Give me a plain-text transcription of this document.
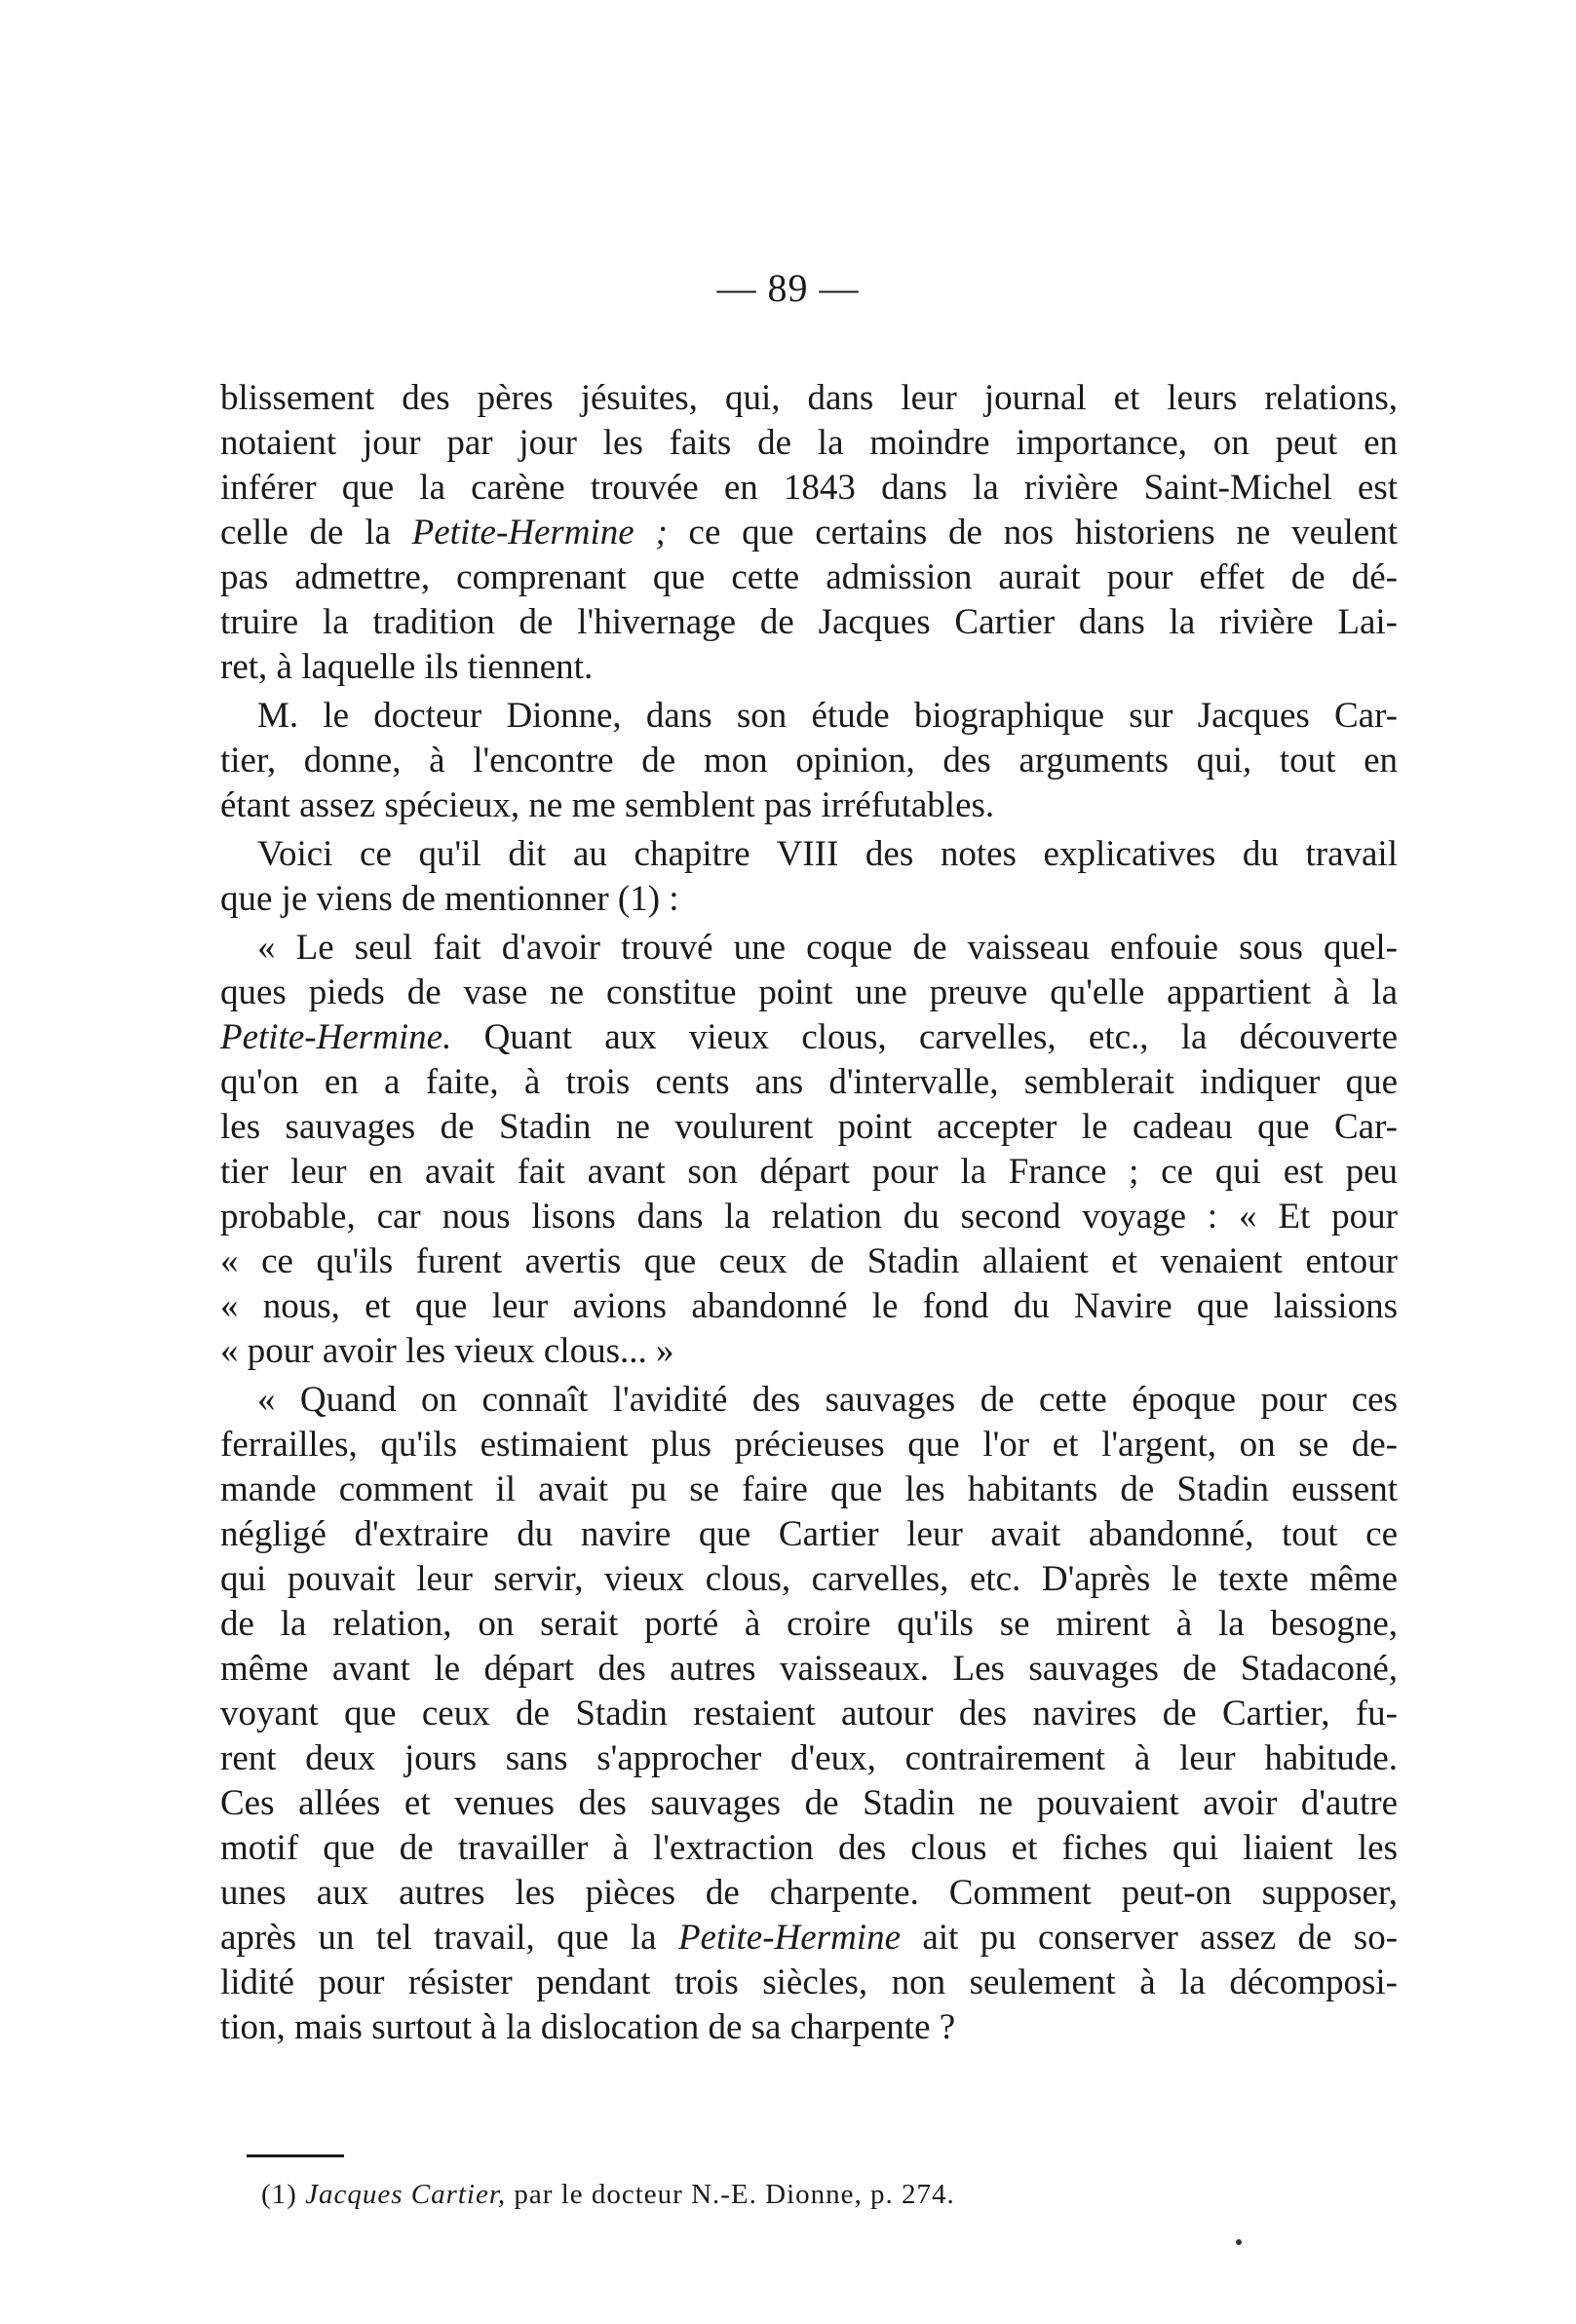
— 89 —
blissement des pères jésuites, qui, dans leur journal et leurs relations,
notaient jour par jour les faits de la moindre importance, on peut en
inférer que la carène trouvée en 1843 dans la rivière Saint-Michel est
celle de la Petite-Hermine ; ce que certains de nos historiens ne veulent
pas admettre, comprenant que cette admission aurait pour effet de dé-
truire la tradition de l'hivernage de Jacques Cartier dans la rivière Lai-
ret, à laquelle ils tiennent.
M. le docteur Dionne, dans son étude biographique sur Jacques Car-
tier, donne, à l'encontre de mon opinion, des arguments qui, tout en
étant assez spécieux, ne me semblent pas irréfutables.
Voici ce qu'il dit au chapitre VIII des notes explicatives du travail
que je viens de mentionner (1) :
« Le seul fait d'avoir trouvé une coque de vaisseau enfouie sous quel-
ques pieds de vase ne constitue point une preuve qu'elle appartient à la
Petite-Hermine. Quant aux vieux clous, carvelles, etc., la découverte
qu'on en a faite, à trois cents ans d'intervalle, semblerait indiquer que
les sauvages de Stadin ne voulurent point accepter le cadeau que Car-
tier leur en avait fait avant son départ pour la France ; ce qui est peu
probable, car nous lisons dans la relation du second voyage : « Et pour
« ce qu'ils furent avertis que ceux de Stadin allaient et venaient entour
« nous, et que leur avions abandonné le fond du Navire que laissions
« pour avoir les vieux clous... »
« Quand on connaît l'avidité des sauvages de cette époque pour ces
ferrailles, qu'ils estimaient plus précieuses que l'or et l'argent, on se de-
mande comment il avait pu se faire que les habitants de Stadin eussent
négligé d'extraire du navire que Cartier leur avait abandonné, tout ce
qui pouvait leur servir, vieux clous, carvelles, etc. D'après le texte même
de la relation, on serait porté à croire qu'ils se mirent à la besogne,
même avant le départ des autres vaisseaux. Les sauvages de Stadaconé,
voyant que ceux de Stadin restaient autour des navires de Cartier, fu-
rent deux jours sans s'approcher d'eux, contrairement à leur habitude.
Ces allées et venues des sauvages de Stadin ne pouvaient avoir d'autre
motif que de travailler à l'extraction des clous et fiches qui liaient les
unes aux autres les pièces de charpente. Comment peut-on supposer,
après un tel travail, que la Petite-Hermine ait pu conserver assez de so-
lidité pour résister pendant trois siècles, non seulement à la décomposi-
tion, mais surtout à la dislocation de sa charpente ?
(1) Jacques Cartier, par le docteur N.-E. Dionne, p. 274.
